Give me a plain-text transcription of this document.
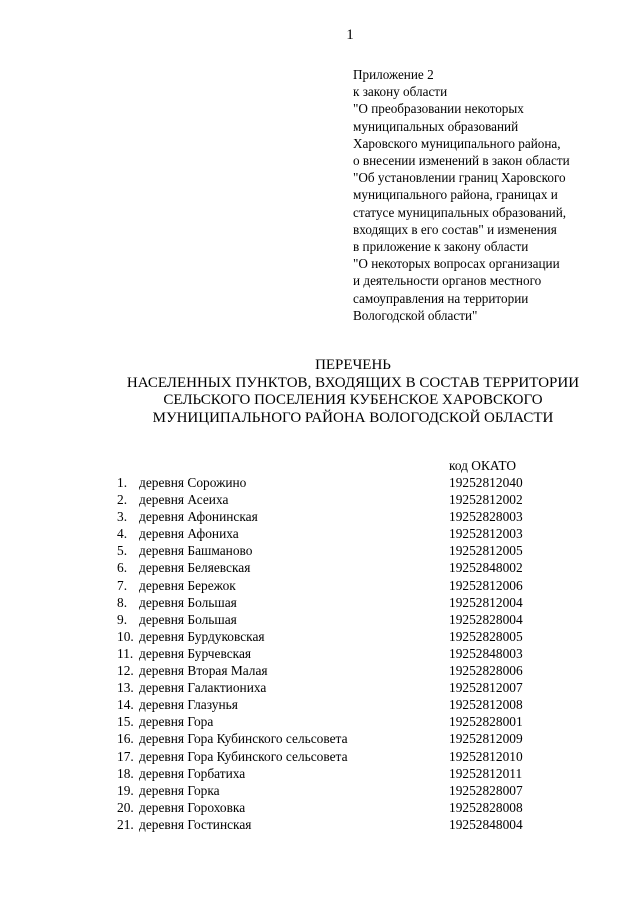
1
Приложение 2
к закону области
"О преобразовании некоторых
муниципальных образований
Харовского муниципального района,
о внесении изменений в закон области
"Об установлении границ Харовского
муниципального района, границах и
статусе муниципальных образований,
входящих в его состав" и изменения
в приложение к закону области
"О некоторых вопросах организации
и деятельности органов местного
самоуправления на территории
Вологодской области"
ПЕРЕЧЕНЬ
НАСЕЛЕННЫХ ПУНКТОВ, ВХОДЯЩИХ В СОСТАВ ТЕРРИТОРИИ
СЕЛЬСКОГО ПОСЕЛЕНИЯ КУБЕНСКОЕ ХАРОВСКОГО
МУНИЦИПАЛЬНОГО РАЙОНА ВОЛОГОДСКОЙ ОБЛАСТИ
код ОКАТО
1. деревня Сорожино	19252812040
2. деревня Асеиха	19252812002
3. деревня Афонинская	19252828003
4. деревня Афониха	19252812003
5. деревня Башманово	19252812005
6. деревня Беляевская	19252848002
7. деревня Бережок	19252812006
8. деревня Большая	19252812004
9. деревня Большая	19252828004
10. деревня Бурдуковская	19252828005
11. деревня Бурчевская	19252848003
12. деревня Вторая Малая	19252828006
13. деревня Галактиониха	19252812007
14. деревня Глазунья	19252812008
15. деревня Гора	19252828001
16. деревня Гора Кубинского сельсовета	19252812009
17. деревня Гора Кубинского сельсовета	19252812010
18. деревня Горбатиха	19252812011
19. деревня Горка	19252828007
20. деревня Гороховка	19252828008
21. деревня Гостинская	19252848004
